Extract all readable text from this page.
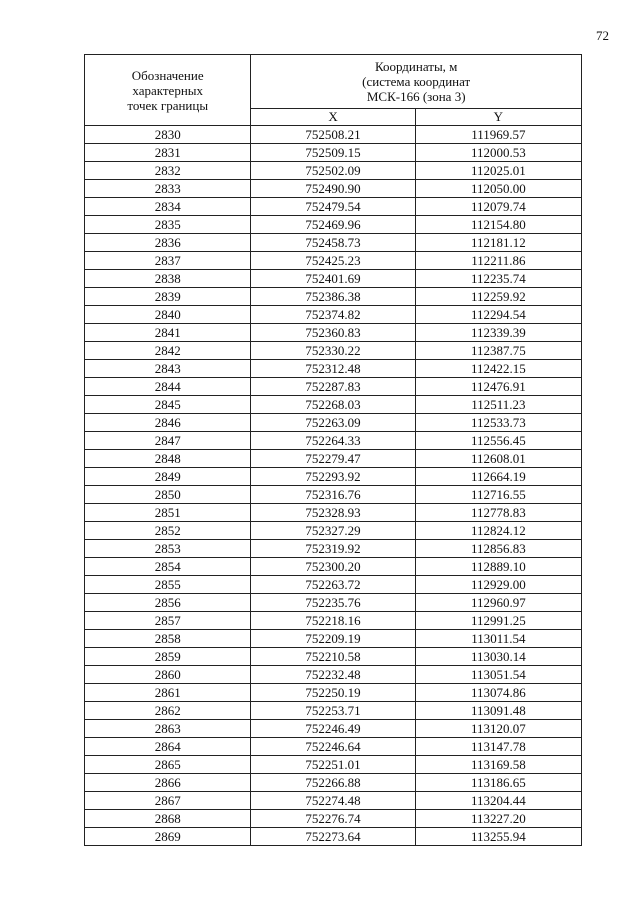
72
Обозначение
характерных
точек границы	Координаты, м
(система координат
МСК-166 (зона 3)	
	X	Y
2830	752508.21	111969.57
2831	752509.15	112000.53
2832	752502.09	112025.01
2833	752490.90	112050.00
2834	752479.54	112079.74
2835	752469.96	112154.80
2836	752458.73	112181.12
2837	752425.23	112211.86
2838	752401.69	112235.74
2839	752386.38	112259.92
2840	752374.82	112294.54
2841	752360.83	112339.39
2842	752330.22	112387.75
2843	752312.48	112422.15
2844	752287.83	112476.91
2845	752268.03	112511.23
2846	752263.09	112533.73
2847	752264.33	112556.45
2848	752279.47	112608.01
2849	752293.92	112664.19
2850	752316.76	112716.55
2851	752328.93	112778.83
2852	752327.29	112824.12
2853	752319.92	112856.83
2854	752300.20	112889.10
2855	752263.72	112929.00
2856	752235.76	112960.97
2857	752218.16	112991.25
2858	752209.19	113011.54
2859	752210.58	113030.14
2860	752232.48	113051.54
2861	752250.19	113074.86
2862	752253.71	113091.48
2863	752246.49	113120.07
2864	752246.64	113147.78
2865	752251.01	113169.58
2866	752266.88	113186.65
2867	752274.48	113204.44
2868	752276.74	113227.20
2869	752273.64	113255.94
